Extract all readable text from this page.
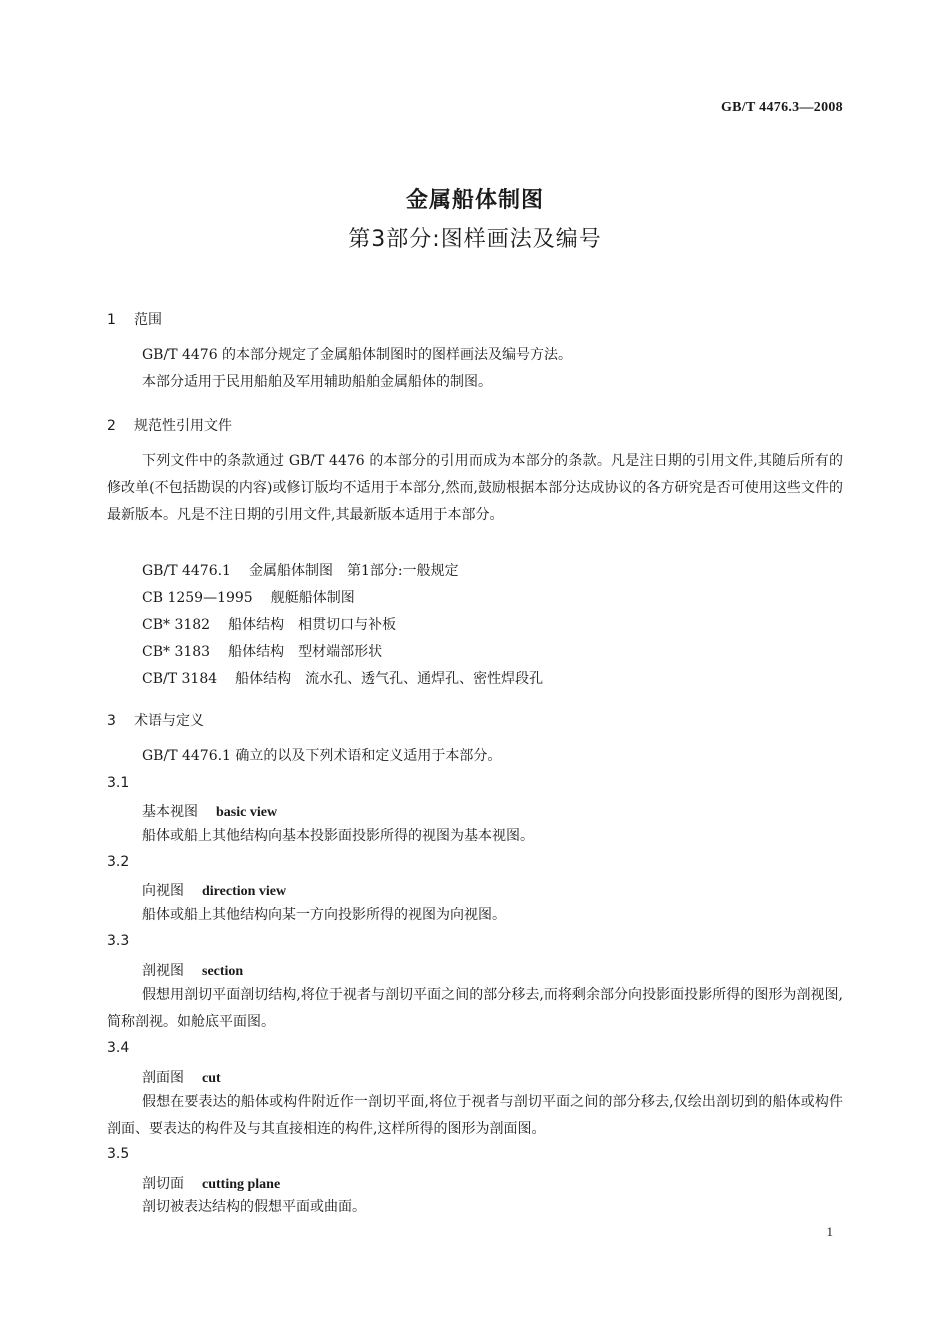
GB/T 4476.3—2008
金属船体制图
第3部分:图样画法及编号
1 范围

GB/T 4476 的本部分规定了金属船体制图时的图样画法及编号方法。

本部分适用于民用船舶及军用辅助船舶金属船体的制图。

2 规范性引用文件

下列文件中的条款通过 GB/T 4476 的本部分的引用而成为本部分的条款。凡是注日期的引用文件,其随后所有的修改单(不包括勘误的内容)或修订版均不适用于本部分,然而,鼓励根据本部分达成协议的各方研究是否可使用这些文件的最新版本。凡是不注日期的引用文件,其最新版本适用于本部分。

GB/T 4476.1 金属船体制图　第1部分:一般规定
CB 1259—1995 舰艇船体制图
CB* 3182 船体结构　相贯切口与补板
CB* 3183 船体结构　型材端部形状
CB/T 3184 船体结构　流水孔、透气孔、通焊孔、密性焊段孔
3 术语与定义

GB/T 4476.1 确立的以及下列术语和定义适用于本部分。

3.1
基本视图 basic view

船体或船上其他结构向基本投影面投影所得的视图为基本视图。

3.2
向视图 direction view

船体或船上其他结构向某一方向投影所得的视图为向视图。

3.3
剖视图 section

假想用剖切平面剖切结构,将位于视者与剖切平面之间的部分移去,而将剩余部分向投影面投影所得的图形为剖视图,简称剖视。如舱底平面图。

3.4
剖面图 cut

假想在要表达的船体或构件附近作一剖切平面,将位于视者与剖切平面之间的部分移去,仅绘出剖切到的船体或构件剖面、要表达的构件及与其直接相连的构件,这样所得的图形为剖面图。

3.5
剖切面 cutting plane

剖切被表达结构的假想平面或曲面。

1
